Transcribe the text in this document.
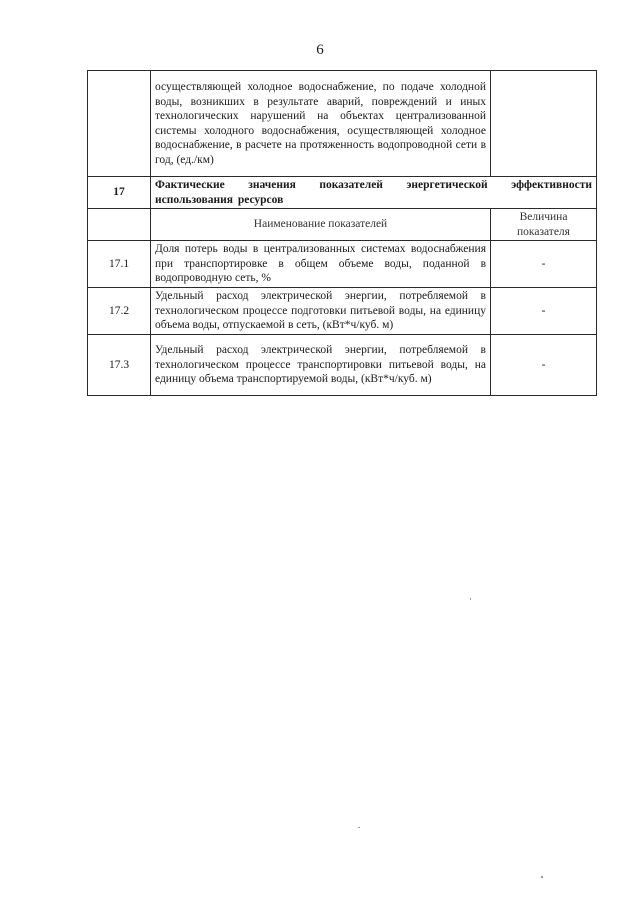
6
	осуществляющей холодное водоснабжение, по подаче холодной воды, возникших в результате аварий, повреждений и иных технологических нарушений на объектах централизованной системы холодного водоснабжения, осуществляющей холодное водоснабжение, в расчете на протяженность водопроводной сети в год, (ед./км)	
17	Фактические значения показателей энергетической эффективности использования ресурсов	
	Наименование показателей	Величина показателя
17.1	Доля потерь воды в централизованных системах водоснабжения при транспортировке в общем объеме воды, поданной в водопроводную сеть, %	-
17.2	Удельный расход электрической энергии, потребляемой в технологическом процессе подготовки питьевой воды, на единицу объема воды, отпускаемой в сеть, (кВт*ч/куб. м)	-
17.3	Удельный расход электрической энергии, потребляемой в технологическом процессе транспортировки питьевой воды, на единицу объема транспортируемой воды, (кВт*ч/куб. м)	-
